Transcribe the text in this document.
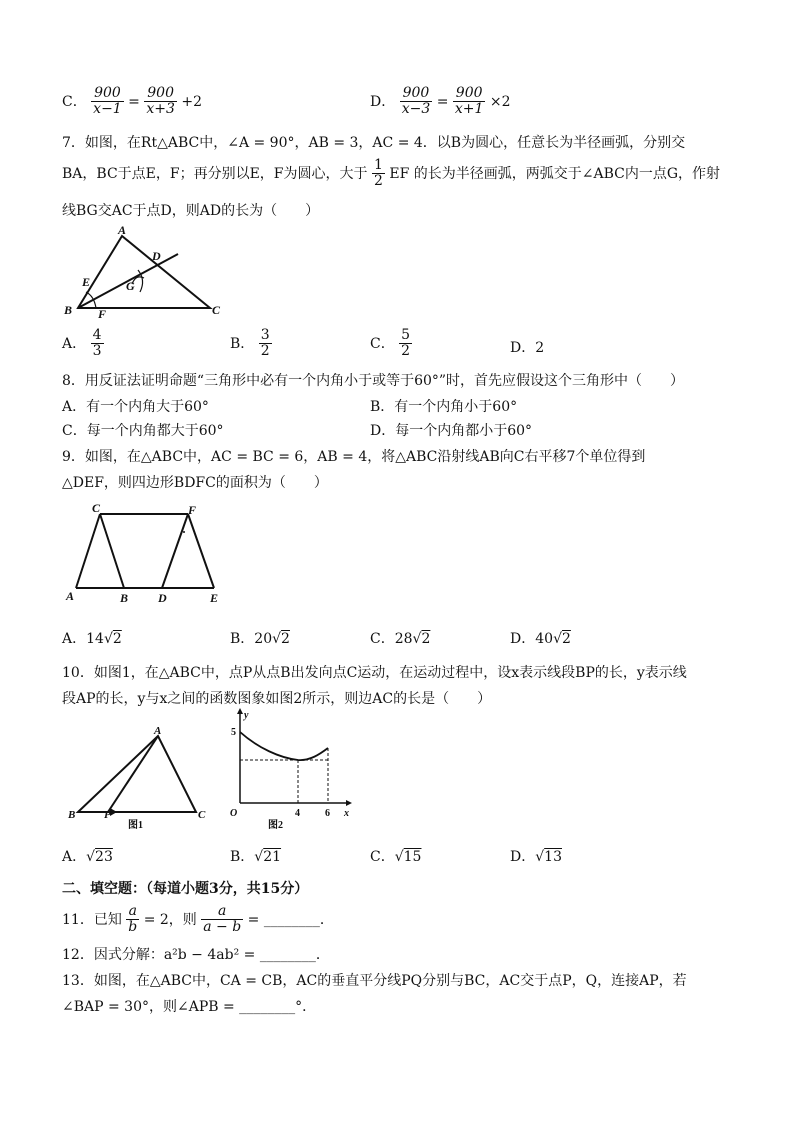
C． $\frac{900}{x-1} = \frac{900}{x+3} +2$	D． $\frac{900}{x-3} = \frac{900}{x+1} \times 2$
7．如图，在Rt△ABC中，∠A = 90°，AB = 3，AC = 4．以B为圆心，任意长为半径画弧，分别交
BA，BC于点E，F；再分别以E，F为圆心，大于 $\frac{1}{2}$ EF 的长为半径画弧，两弧交于∠ABC内一点G，作射
线BG交AC于点D，则AD的长为（　　）
A
B	C
D
E
F
G
A． $\frac{4}{3}$	B． $\frac{3}{2}$	C． $\frac{5}{2}$	D．2
8．用反证法证明命题“三角形中必有一个内角小于或等于60°”时，首先应假设这个三角形中（　　）
A．有一个内角大于60°	B．有一个内角小于60°
C．每一个内角都大于60°	D．每一个内角都小于60°
9．如图，在△ABC中，AC = BC = 6，AB = 4，将△ABC沿射线AB向C右平移7个单位得到
△DEF，则四边形BDFC的面积为（　　）
A	B
C
D	E
F
A．14√2	B．20√2	C．28√2	D．40√2
10．如图1，在△ABC中，点P从点B出发向点C运动，在运动过程中，设x表示线段BP的长，y表示线
段AP的长，y与x之间的函数图象如图2所示，则边AC的长是（　　）
A
B	P	C
图1
y
x
O
5
4	6
图2
A．√23	B．√21	C．√15	D．√13
二、填空题：（每道小题3分，共15分）
11．已知 $\frac{a}{b} = 2$，则 $\frac{a}{a - b}$ = ________．
12．因式分解：a²b − 4ab² = ________．
13．如图，在△ABC中，CA = CB，AC的垂直平分线PQ分别与BC，AC交于点P，Q，连接AP，若
∠BAP = 30°，则∠APB = ________°．
